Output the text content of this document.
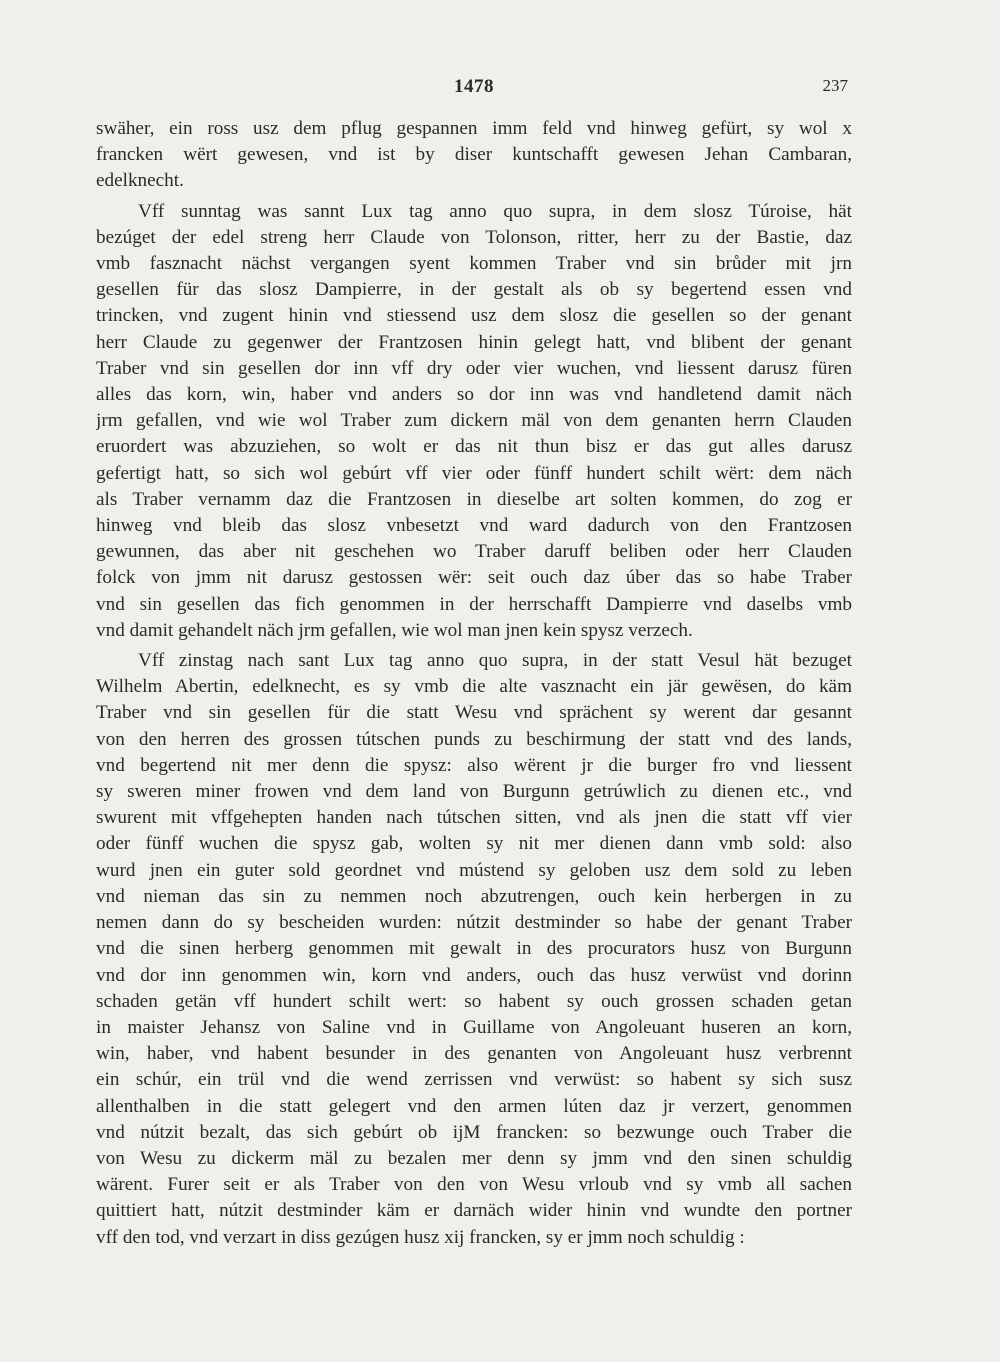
1478	237
swäher, ein ross usz dem pflug gespannen imm feld vnd hinweg gefürt, sy wol x
francken wërt gewesen, vnd ist by diser kuntschafft gewesen Jehan Cambaran,
edelknecht.
Vff sunntag was sannt Lux tag anno quo supra, in dem slosz Túroise, hät
bezúget der edel streng herr Claude von Tolonson, ritter, herr zu der Bastie, daz
vmb fasznacht nächst vergangen syent kommen Traber vnd sin brůder mit jrn
gesellen für das slosz Dampierre, in der gestalt als ob sy begertend essen vnd
trincken, vnd zugent hinin vnd stiessend usz dem slosz die gesellen so der genant
herr Claude zu gegenwer der Frantzosen hinin gelegt hatt, vnd blibent der genant
Traber vnd sin gesellen dor inn vff dry oder vier wuchen, vnd liessent darusz füren
alles das korn, win, haber vnd anders so dor inn was vnd handletend damit näch
jrm gefallen, vnd wie wol Traber zum dickern mäl von dem genanten herrn Clauden
eruordert was abzuziehen, so wolt er das nit thun bisz er das gut alles darusz
gefertigt hatt, so sich wol gebúrt vff vier oder fünff hundert schilt wërt: dem näch
als Traber vernamm daz die Frantzosen in dieselbe art solten kommen, do zog er
hinweg vnd bleib das slosz vnbesetzt vnd ward dadurch von den Frantzosen
gewunnen, das aber nit geschehen wo Traber daruff beliben oder herr Clauden
folck von jmm nit darusz gestossen wër: seit ouch daz úber das so habe Traber
vnd sin gesellen das fich genommen in der herrschafft Dampierre vnd daselbs vmb
vnd damit gehandelt näch jrm gefallen, wie wol man jnen kein spysz verzech.
Vff zinstag nach sant Lux tag anno quo supra, in der statt Vesul hät bezuget
Wilhelm Abertin, edelknecht, es sy vmb die alte vasznacht ein jär gewësen, do käm
Traber vnd sin gesellen für die statt Wesu vnd sprächent sy werent dar gesannt
von den herren des grossen tútschen punds zu beschirmung der statt vnd des lands,
vnd begertend nit mer denn die spysz: also wërent jr die burger fro vnd liessent
sy sweren miner frowen vnd dem land von Burgunn getrúwlich zu dienen etc., vnd
swurent mit vffgehepten handen nach tútschen sitten, vnd als jnen die statt vff vier
oder fünff wuchen die spysz gab, wolten sy nit mer dienen dann vmb sold: also
wurd jnen ein guter sold geordnet vnd mústend sy geloben usz dem sold zu leben
vnd nieman das sin zu nemmen noch abzutrengen, ouch kein herbergen in zu
nemen dann do sy bescheiden wurden: nútzit destminder so habe der genant Traber
vnd die sinen herberg genommen mit gewalt in des procurators husz von Burgunn
vnd dor inn genommen win, korn vnd anders, ouch das husz verwüst vnd dorinn
schaden getän vff hundert schilt wert: so habent sy ouch grossen schaden getan
in maister Jehansz von Saline vnd in Guillame von Angoleuant huseren an korn,
win, haber, vnd habent besunder in des genanten von Angoleuant husz verbrennt
ein schúr, ein trül vnd die wend zerrissen vnd verwüst: so habent sy sich susz
allenthalben in die statt gelegert vnd den armen lúten daz jr verzert, genommen
vnd nútzit bezalt, das sich gebúrt ob ijM francken: so bezwunge ouch Traber die
von Wesu zu dickerm mäl zu bezalen mer denn sy jmm vnd den sinen schuldig
wärent. Furer seit er als Traber von den von Wesu vrloub vnd sy vmb all sachen
quittiert hatt, nútzit destminder käm er darnäch wider hinin vnd wundte den portner
vff den tod, vnd verzart in diss gezúgen husz xij francken, sy er jmm noch schuldig :
